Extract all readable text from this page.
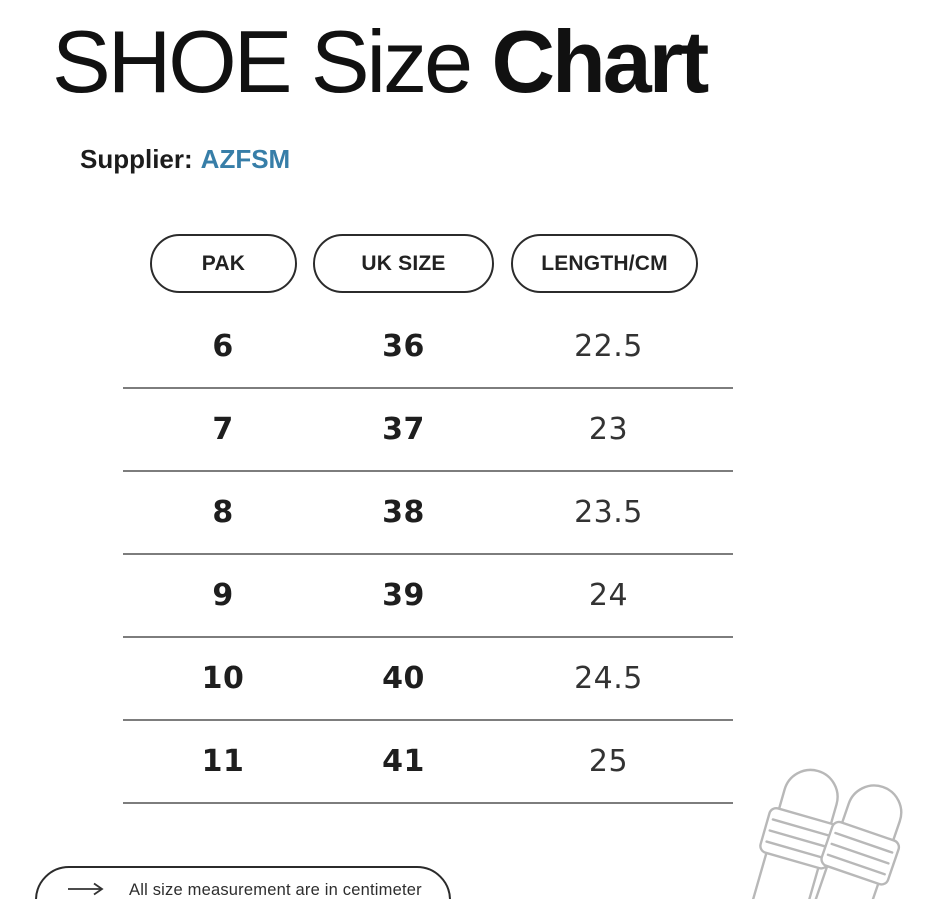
SHOE Size Chart
Supplier: AZFSM
PAK	UK SIZE	LENGTH/CM
6	36	22.5
7	37	23
8	38	23.5
9	39	24
10	40	24.5
11	41	25
All size measurement are in centimeter
